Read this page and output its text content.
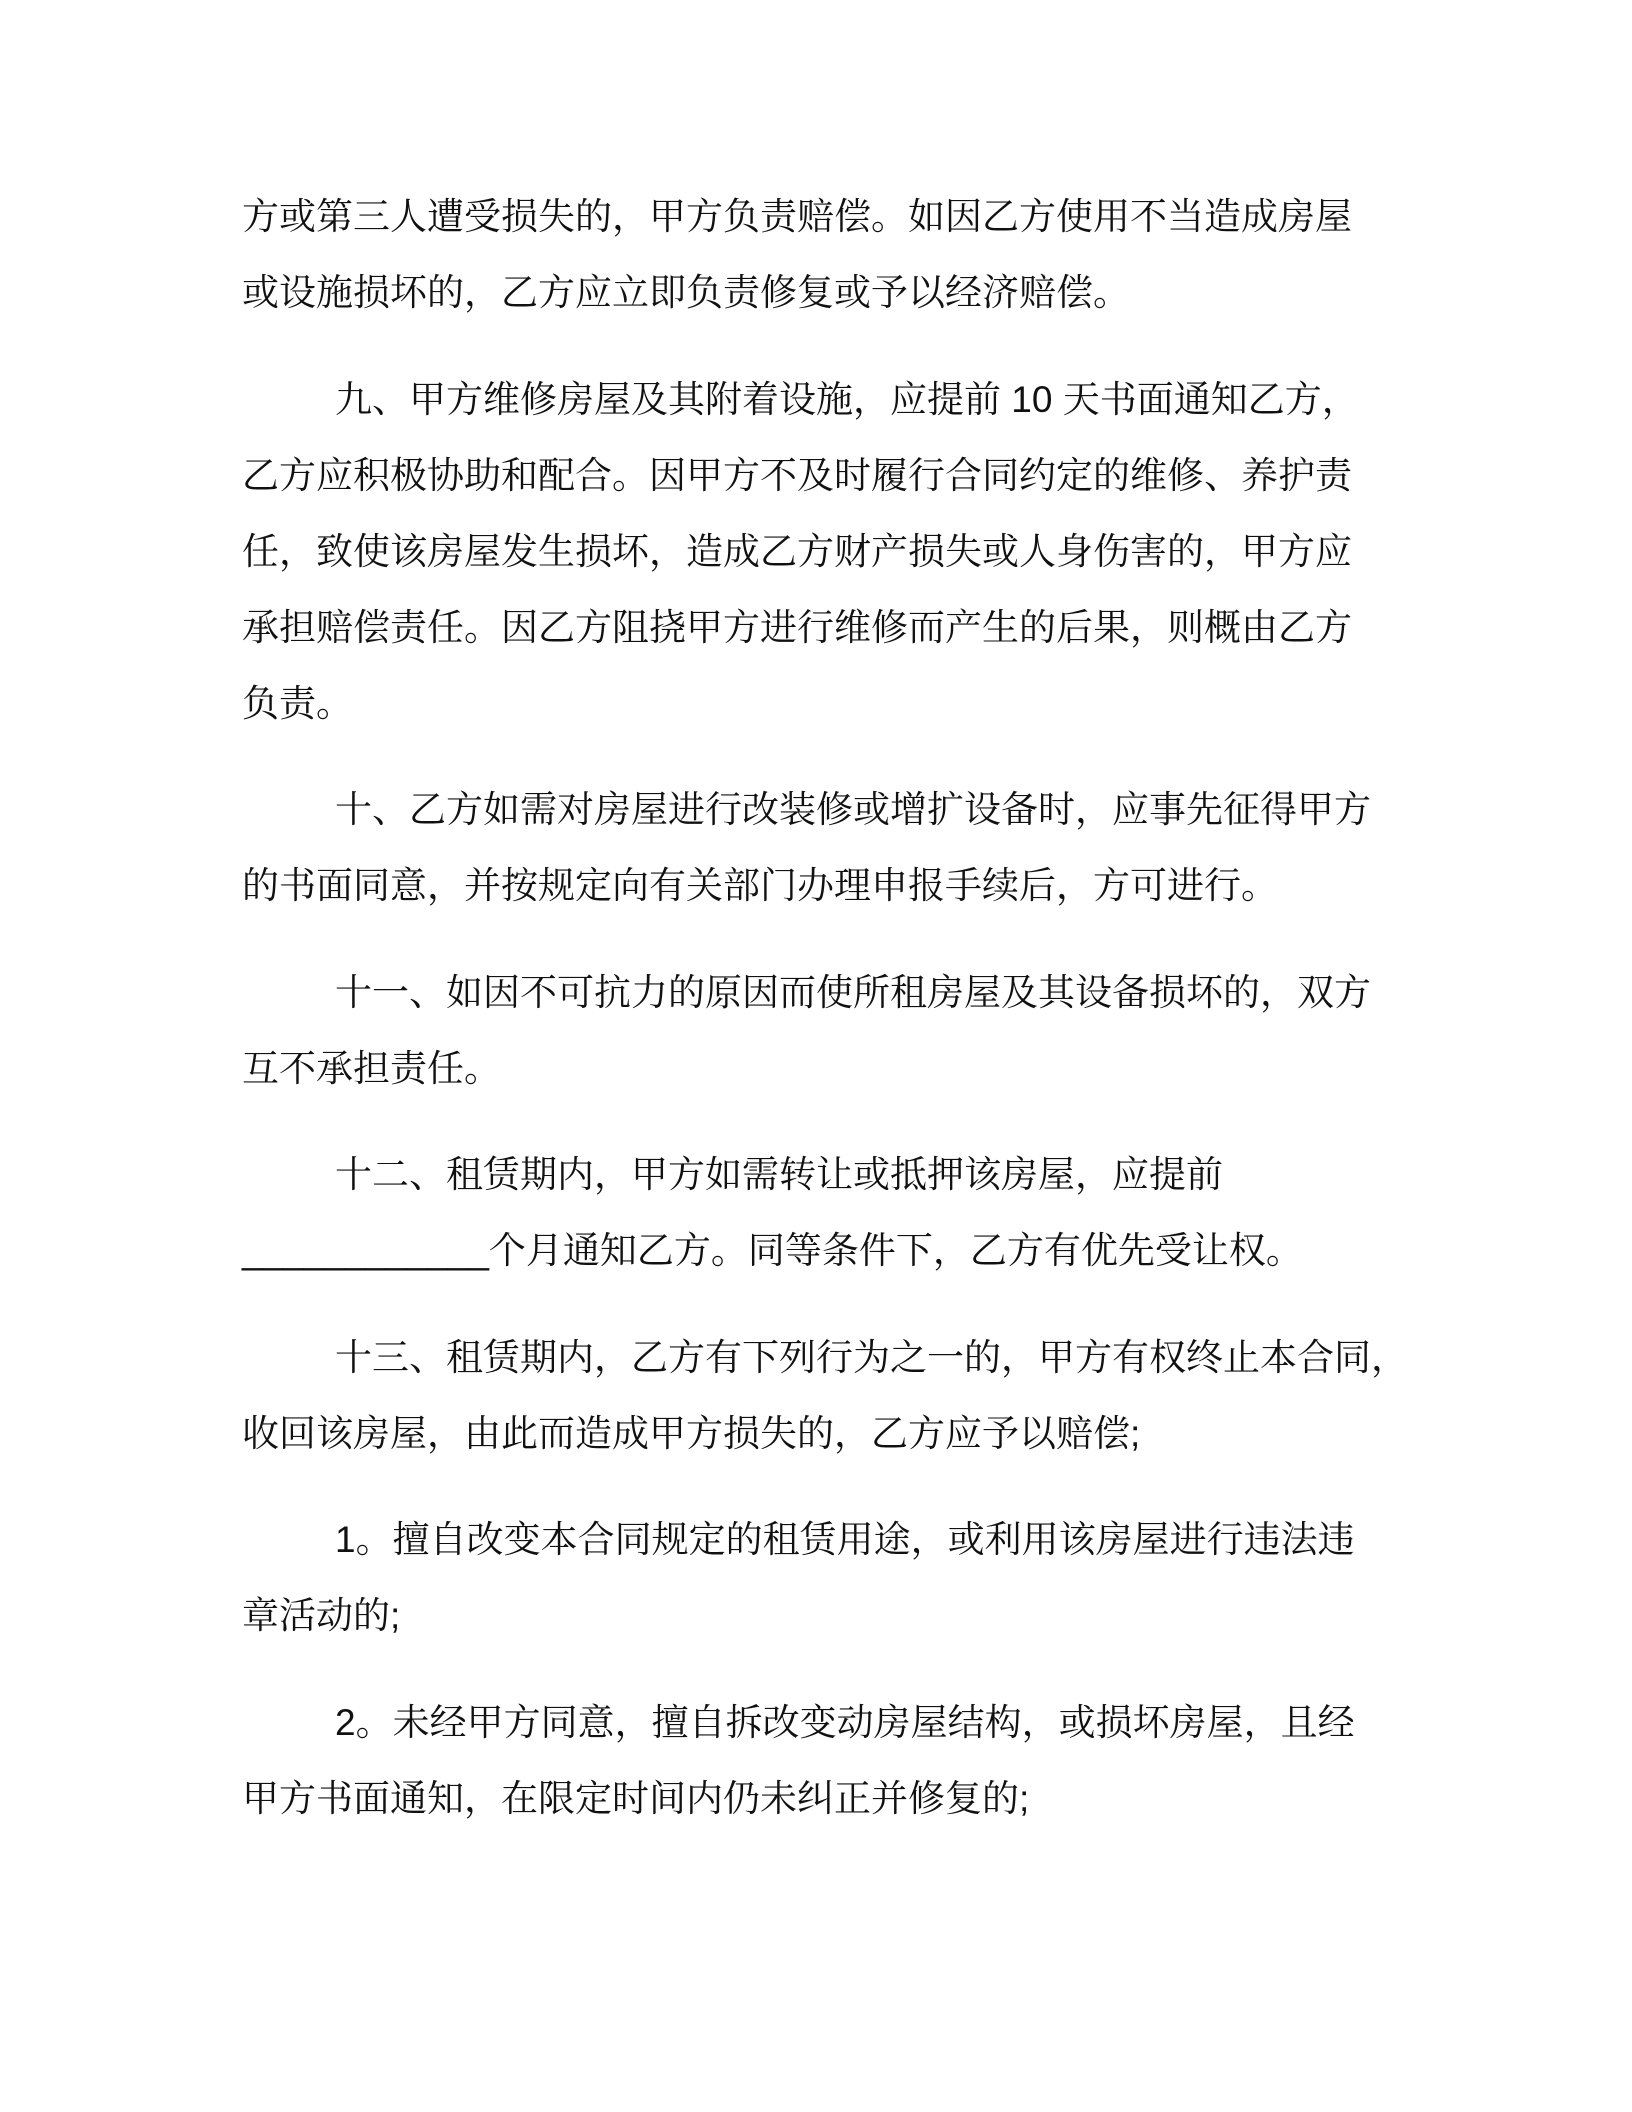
方或第三人遭受损失的，甲方负责赔偿。如因乙方使用不当造成房屋
或设施损坏的，乙方应立即负责修复或予以经济赔偿。
九、甲方维修房屋及其附着设施，应提前 10 天书面通知乙方，
乙方应积极协助和配合。因甲方不及时履行合同约定的维修、养护责
任，致使该房屋发生损坏，造成乙方财产损失或人身伤害的，甲方应
承担赔偿责任。因乙方阻挠甲方进行维修而产生的后果，则概由乙方
负责。
十、乙方如需对房屋进行改装修或增扩设备时，应事先征得甲方
的书面同意，并按规定向有关部门办理申报手续后，方可进行。
十一、如因不可抗力的原因而使所租房屋及其设备损坏的，双方
互不承担责任。
十二、租赁期内，甲方如需转让或抵押该房屋，应提前
____________个月通知乙方。同等条件下，乙方有优先受让权。
十三、租赁期内，乙方有下列行为之一的，甲方有权终止本合同，
收回该房屋，由此而造成甲方损失的，乙方应予以赔偿;
1。擅自改变本合同规定的租赁用途，或利用该房屋进行违法违
章活动的;
2。未经甲方同意，擅自拆改变动房屋结构，或损坏房屋，且经
甲方书面通知，在限定时间内仍未纠正并修复的;
